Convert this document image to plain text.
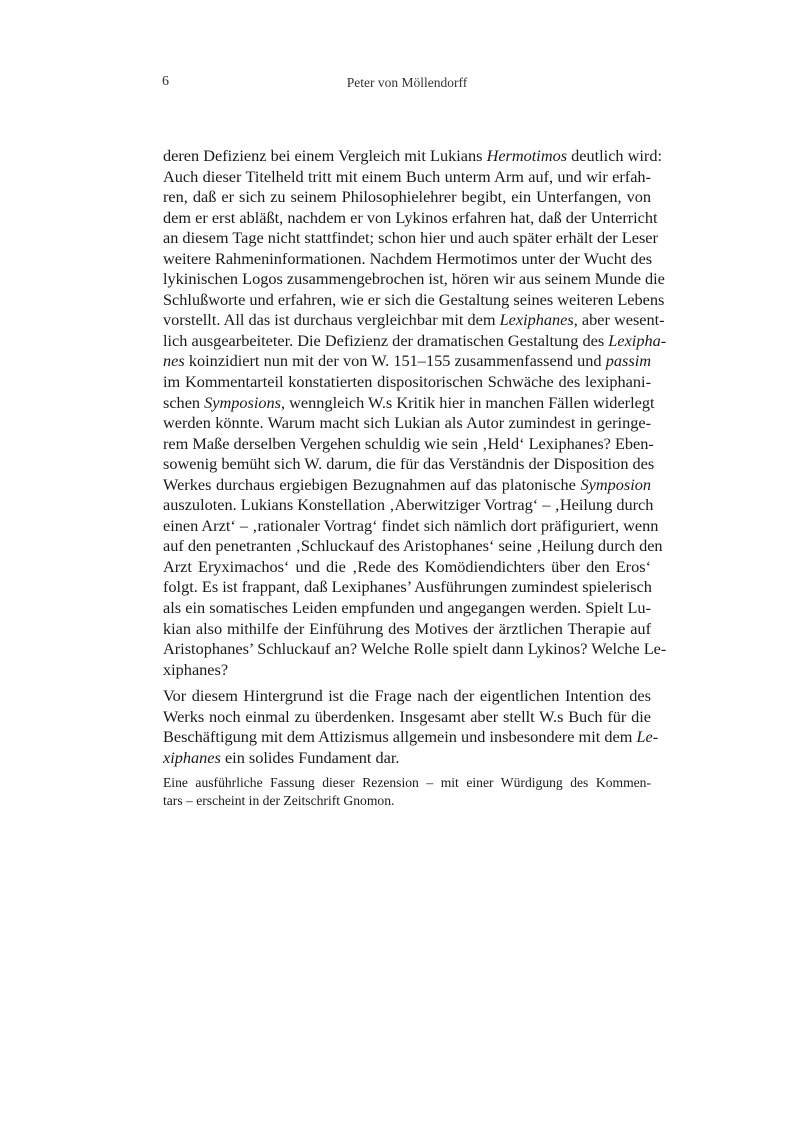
6	Peter von Möllendorff
deren Defizienz bei einem Vergleich mit Lukians Hermotimos deutlich wird:
Auch dieser Titelheld tritt mit einem Buch unterm Arm auf, und wir erfah-
ren, daß er sich zu seinem Philosophielehrer begibt, ein Unterfangen, von
dem er erst abläßt, nachdem er von Lykinos erfahren hat, daß der Unterricht
an diesem Tage nicht stattfindet; schon hier und auch später erhält der Leser
weitere Rahmeninformationen. Nachdem Hermotimos unter der Wucht des
lykinischen Logos zusammengebrochen ist, hören wir aus seinem Munde die
Schlußworte und erfahren, wie er sich die Gestaltung seines weiteren Lebens
vorstellt. All das ist durchaus vergleichbar mit dem Lexiphanes, aber wesent-
lich ausgearbeiteter. Die Defizienz der dramatischen Gestaltung des Lexipha-
nes koinzidiert nun mit der von W. 151–155 zusammenfassend und passim
im Kommentarteil konstatierten dispositorischen Schwäche des lexiphani-
schen Symposions, wenngleich W.s Kritik hier in manchen Fällen widerlegt
werden könnte. Warum macht sich Lukian als Autor zumindest in geringe-
rem Maße derselben Vergehen schuldig wie sein ‚Held‘ Lexiphanes? Eben-
sowenig bemüht sich W. darum, die für das Verständnis der Disposition des
Werkes durchaus ergiebigen Bezugnahmen auf das platonische Symposion
auszuloten. Lukians Konstellation ‚Aberwitziger Vortrag‘ – ‚Heilung durch
einen Arzt‘ – ‚rationaler Vortrag‘ findet sich nämlich dort präfiguriert, wenn
auf den penetranten ‚Schluckauf des Aristophanes‘ seine ‚Heilung durch den
Arzt Eryximachos‘ und die ‚Rede des Komödiendichters über den Eros‘
folgt. Es ist frappant, daß Lexiphanes’ Ausführungen zumindest spielerisch
als ein somatisches Leiden empfunden und angegangen werden. Spielt Lu-
kian also mithilfe der Einführung des Motives der ärztlichen Therapie auf
Aristophanes’ Schluckauf an? Welche Rolle spielt dann Lykinos? Welche Le-
xiphanes?
Vor diesem Hintergrund ist die Frage nach der eigentlichen Intention des
Werks noch einmal zu überdenken. Insgesamt aber stellt W.s Buch für die
Beschäftigung mit dem Attizismus allgemein und insbesondere mit dem Le-
xiphanes ein solides Fundament dar.
Eine ausführliche Fassung dieser Rezension – mit einer Würdigung des Kommen-
tars – erscheint in der Zeitschrift Gnomon.
